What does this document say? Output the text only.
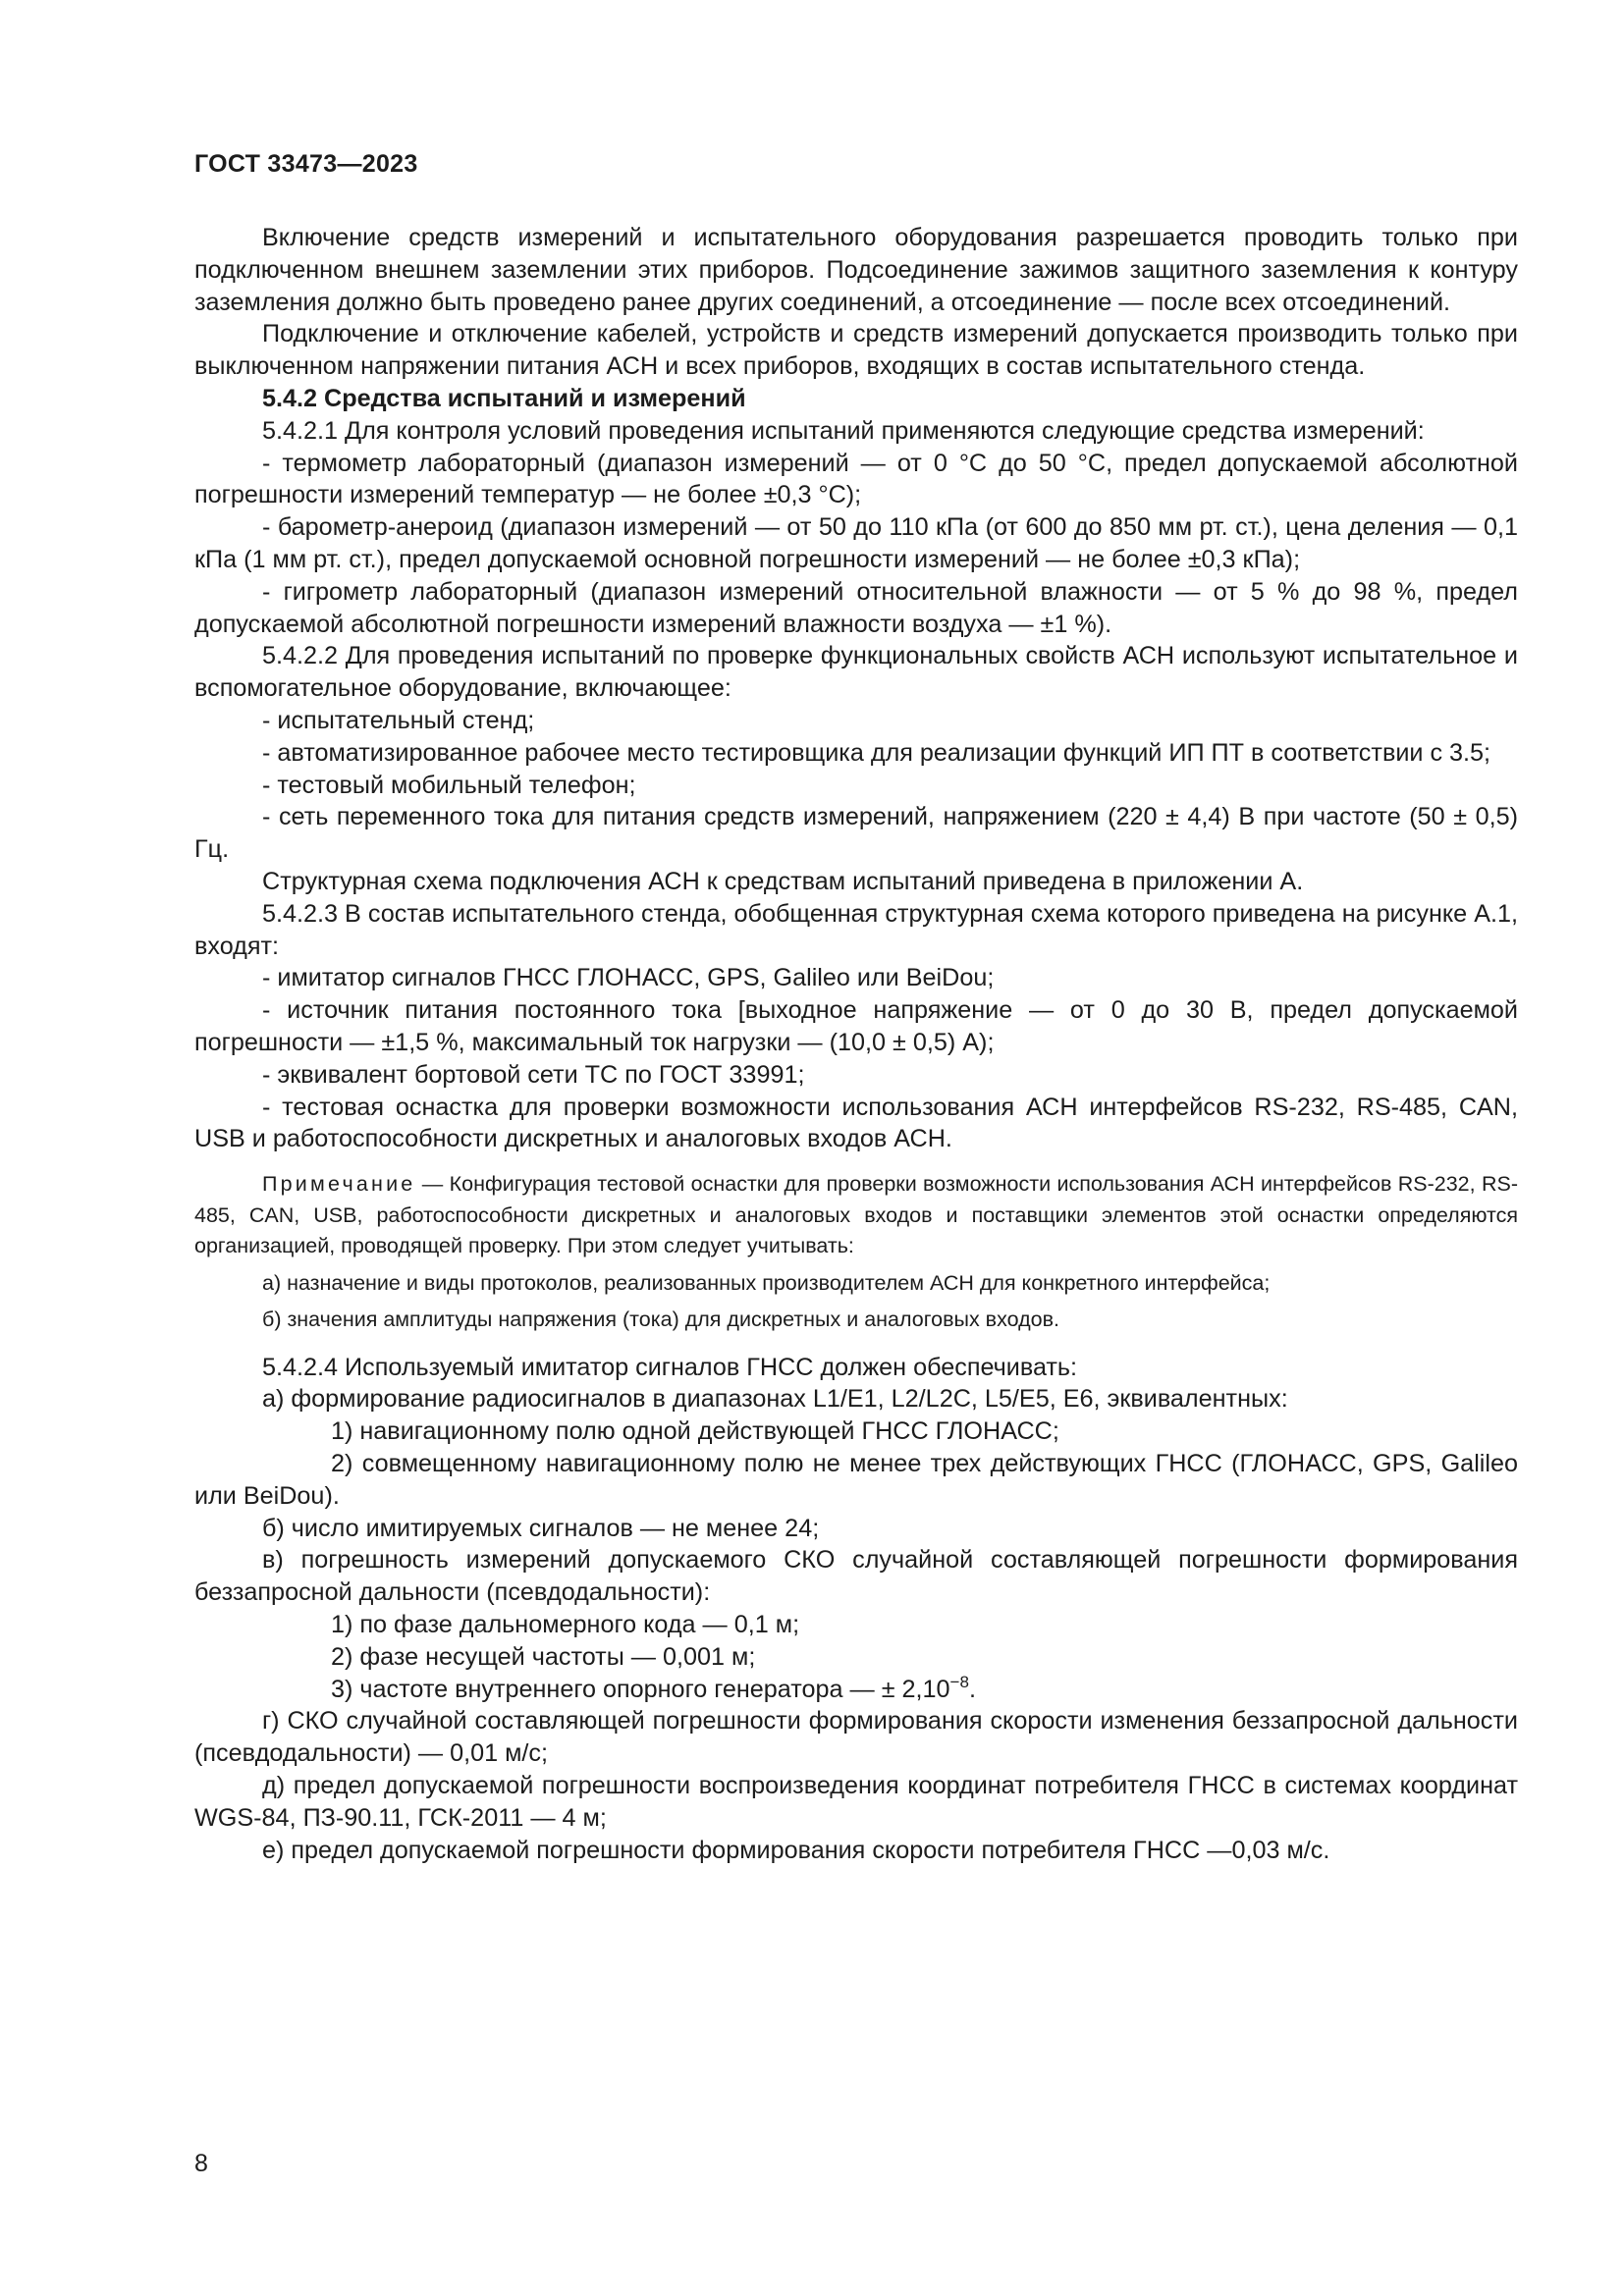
ГОСТ 33473—2023

Включение средств измерений и испытательного оборудования разрешается проводить только при подключенном внешнем заземлении этих приборов. Подсоединение зажимов защитного заземления к контуру заземления должно быть проведено ранее других соединений, а отсоединение — после всех отсоединений.

Подключение и отключение кабелей, устройств и средств измерений допускается производить только при выключенном напряжении питания АСН и всех приборов, входящих в состав испытательного стенда.

5.4.2 Средства испытаний и измерений

5.4.2.1 Для контроля условий проведения испытаний применяются следующие средства измерений:

- термометр лабораторный (диапазон измерений — от 0 °С до 50 °С, предел допускаемой абсолютной погрешности измерений температур — не более ±0,3 °С);

- барометр-анероид (диапазон измерений — от 50 до 110 кПа (от 600 до 850 мм рт. ст.), цена деления — 0,1 кПа (1 мм рт. ст.), предел допускаемой основной погрешности измерений — не более ±0,3 кПа);

- гигрометр лабораторный (диапазон измерений относительной влажности — от 5 % до 98 %, предел допускаемой абсолютной погрешности измерений влажности воздуха — ±1 %).

5.4.2.2 Для проведения испытаний по проверке функциональных свойств АСН используют испытательное и вспомогательное оборудование, включающее:

- испытательный стенд;

- автоматизированное рабочее место тестировщика для реализации функций ИП ПТ в соответствии с 3.5;

- тестовый мобильный телефон;

- сеть переменного тока для питания средств измерений, напряжением (220 ± 4,4) В при частоте (50 ± 0,5) Гц.

Структурная схема подключения АСН к средствам испытаний приведена в приложении А.

5.4.2.3 В состав испытательного стенда, обобщенная структурная схема которого приведена на рисунке А.1, входят:

- имитатор сигналов ГНСС ГЛОНАСС, GPS, Galileo или BeiDou;

- источник питания постоянного тока [выходное напряжение — от 0 до 30 В, предел допускаемой погрешности — ±1,5 %, максимальный ток нагрузки — (10,0 ± 0,5) А);

- эквивалент бортовой сети ТС по ГОСТ 33991;

- тестовая оснастка для проверки возможности использования АСН интерфейсов RS-232, RS-485, CAN, USB и работоспособности дискретных и аналоговых входов АСН.

Примечание — Конфигурация тестовой оснастки для проверки возможности использования АСН интерфейсов RS-232, RS-485, CAN, USB, работоспособности дискретных и аналоговых входов и поставщики элементов этой оснастки определяются организацией, проводящей проверку. При этом следует учитывать:

а) назначение и виды протоколов, реализованных производителем АСН для конкретного интерфейса;

б) значения амплитуды напряжения (тока) для дискретных и аналоговых входов.

5.4.2.4 Используемый имитатор сигналов ГНСС должен обеспечивать:

а) формирование радиосигналов в диапазонах L1/E1, L2/L2C, L5/E5, E6, эквивалентных:

1) навигационному полю одной действующей ГНСС ГЛОНАСС;

2) совмещенному навигационному полю не менее трех действующих ГНСС (ГЛОНАСС, GPS, Galileo или BeiDou).

б) число имитируемых сигналов — не менее 24;

в) погрешность измерений допускаемого СКО случайной составляющей погрешности формирования беззапросной дальности (псевдодальности):

1) по фазе дальномерного кода — 0,1 м;

2) фазе несущей частоты — 0,001 м;

3) частоте внутреннего опорного генератора — ± $2,10^{-8}$.

г) СКО случайной составляющей погрешности формирования скорости изменения беззапросной дальности (псевдодальности) — 0,01 м/с;

д) предел допускаемой погрешности воспроизведения координат потребителя ГНСС в системах координат WGS-84, ПЗ-90.11, ГСК-2011 — 4 м;

е) предел допускаемой погрешности формирования скорости потребителя ГНСС —0,03 м/с.

8
